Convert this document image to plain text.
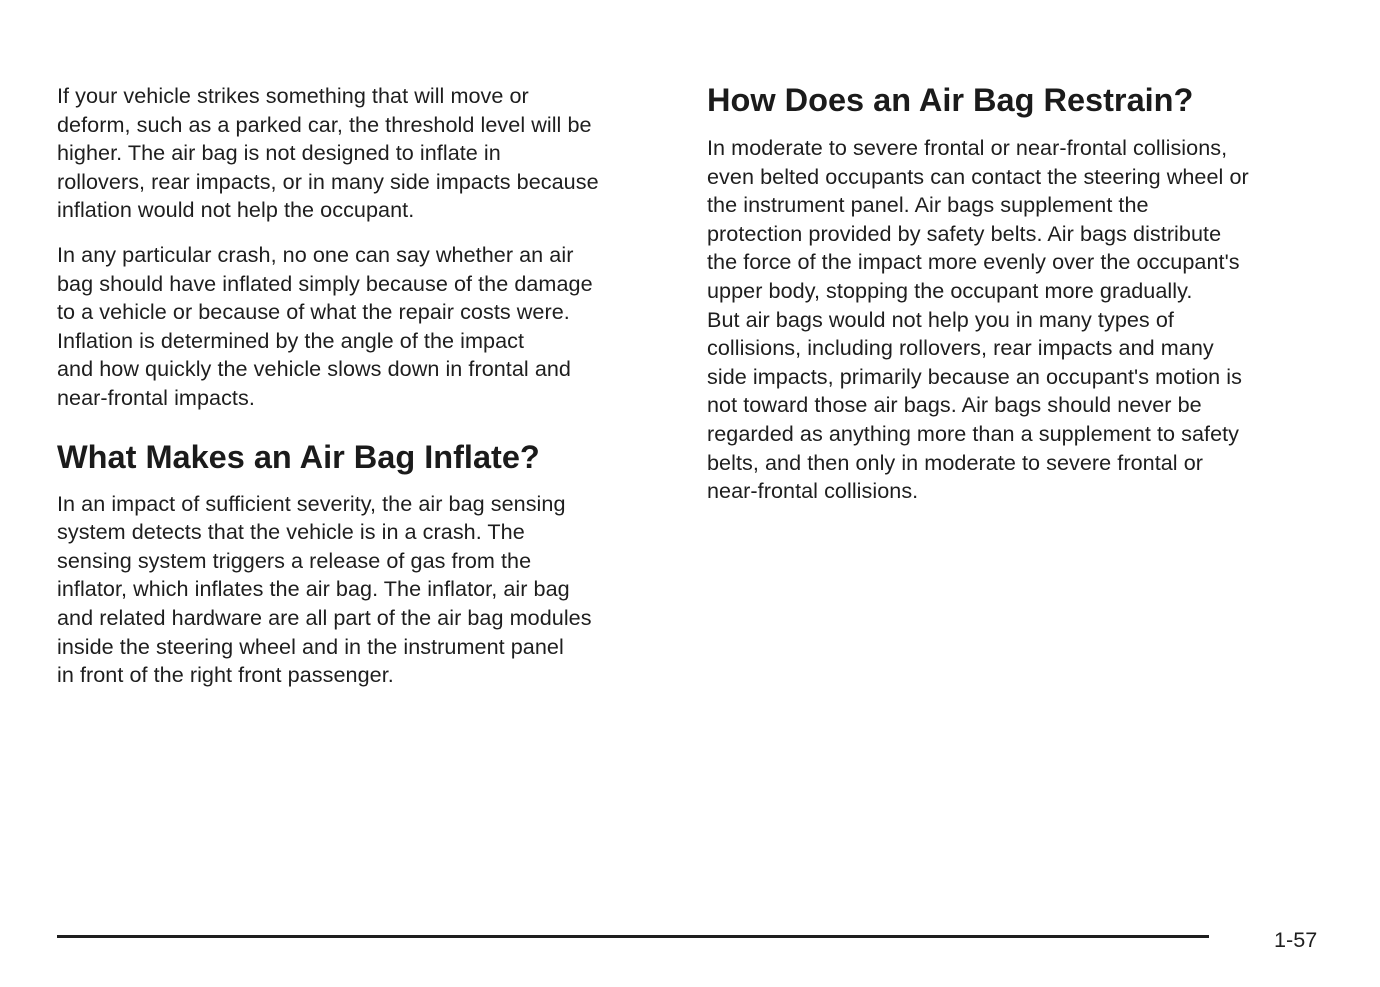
If your vehicle strikes something that will move or
deform, such as a parked car, the threshold level will be
higher. The air bag is not designed to inflate in
rollovers, rear impacts, or in many side impacts because
inflation would not help the occupant.

In any particular crash, no one can say whether an air
bag should have inflated simply because of the damage
to a vehicle or because of what the repair costs were.
Inflation is determined by the angle of the impact
and how quickly the vehicle slows down in frontal and
near-frontal impacts.

What Makes an Air Bag Inflate?

In an impact of sufficient severity, the air bag sensing
system detects that the vehicle is in a crash. The
sensing system triggers a release of gas from the
inflator, which inflates the air bag. The inflator, air bag
and related hardware are all part of the air bag modules
inside the steering wheel and in the instrument panel
in front of the right front passenger.

How Does an Air Bag Restrain?

In moderate to severe frontal or near-frontal collisions,
even belted occupants can contact the steering wheel or
the instrument panel. Air bags supplement the
protection provided by safety belts. Air bags distribute
the force of the impact more evenly over the occupant's
upper body, stopping the occupant more gradually.
But air bags would not help you in many types of
collisions, including rollovers, rear impacts and many
side impacts, primarily because an occupant's motion is
not toward those air bags. Air bags should never be
regarded as anything more than a supplement to safety
belts, and then only in moderate to severe frontal or
near-frontal collisions.

1-57
